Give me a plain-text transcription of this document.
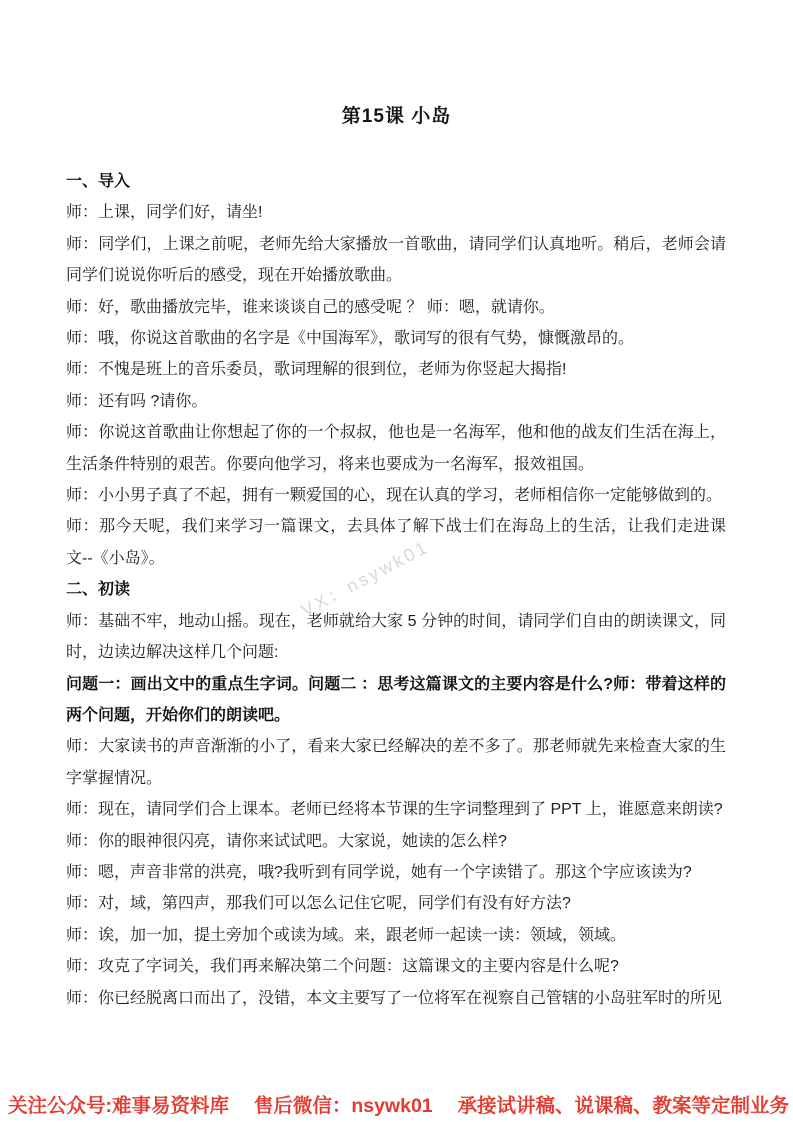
第15课 小岛

一、导入

师：上课，同学们好，请坐!

师：同学们，上课之前呢，老师先给大家播放一首歌曲，请同学们认真地听。稍后，老师会请同学们说说你听后的感受，现在开始播放歌曲。

师：好，歌曲播放完毕，谁来谈谈自己的感受呢 ？ 师：嗯，就请你。

师：哦，你说这首歌曲的名字是《中国海军》，歌词写的很有气势，慷慨激昂的。

师：不愧是班上的音乐委员，歌词理解的很到位，老师为你竖起大揭指!

师：还有吗 ?请你。

师：你说这首歌曲让你想起了你的一个叔叔，他也是一名海军，他和他的战友们生活在海上，生活条件特别的艰苦。你要向他学习，将来也要成为一名海军，报效祖国。

师：小小男子真了不起，拥有一颗爱国的心，现在认真的学习，老师相信你一定能够做到的。

师：那今天呢，我们来学习一篇课文，去具体了解下战士们在海岛上的生活，让我们走进课文--《小岛》。

二、初读

师：基础不牢，地动山摇。现在，老师就给大家 5 分钟的时间，请同学们自由的朗读课文，同时，边读边解决这样几个问题:

问题一：画出文中的重点生字词。问题二 ：思考这篇课文的主要内容是什么?师：带着这样的两个问题，开始你们的朗读吧。

师：大家读书的声音渐渐的小了，看来大家已经解决的差不多了。那老师就先来检查大家的生字掌握情况。

师：现在，请同学们合上课本。老师已经将本节课的生字词整理到了 PPT 上，谁愿意来朗读?

师：你的眼神很闪亮，请你来试试吧。大家说，她读的怎么样?

师：嗯，声音非常的洪亮，哦?我听到有同学说，她有一个字读错了。那这个字应该读为?

师：对，域，第四声，那我们可以怎么记住它呢，同学们有没有好方法?

师：诶，加一加，提土旁加个或读为域。来，跟老师一起读一读：领域，领域。

师：攻克了字词关，我们再来解决第二个问题：这篇课文的主要内容是什么呢?

师：你已经脱离口而出了，没错，本文主要写了一位将军在视察自己管辖的小岛驻军时的所见

VX：nsywk01
关注公众号:难事易资料库 售后微信：nsywk01 承接试讲稿、说课稿、教案等定制业务
